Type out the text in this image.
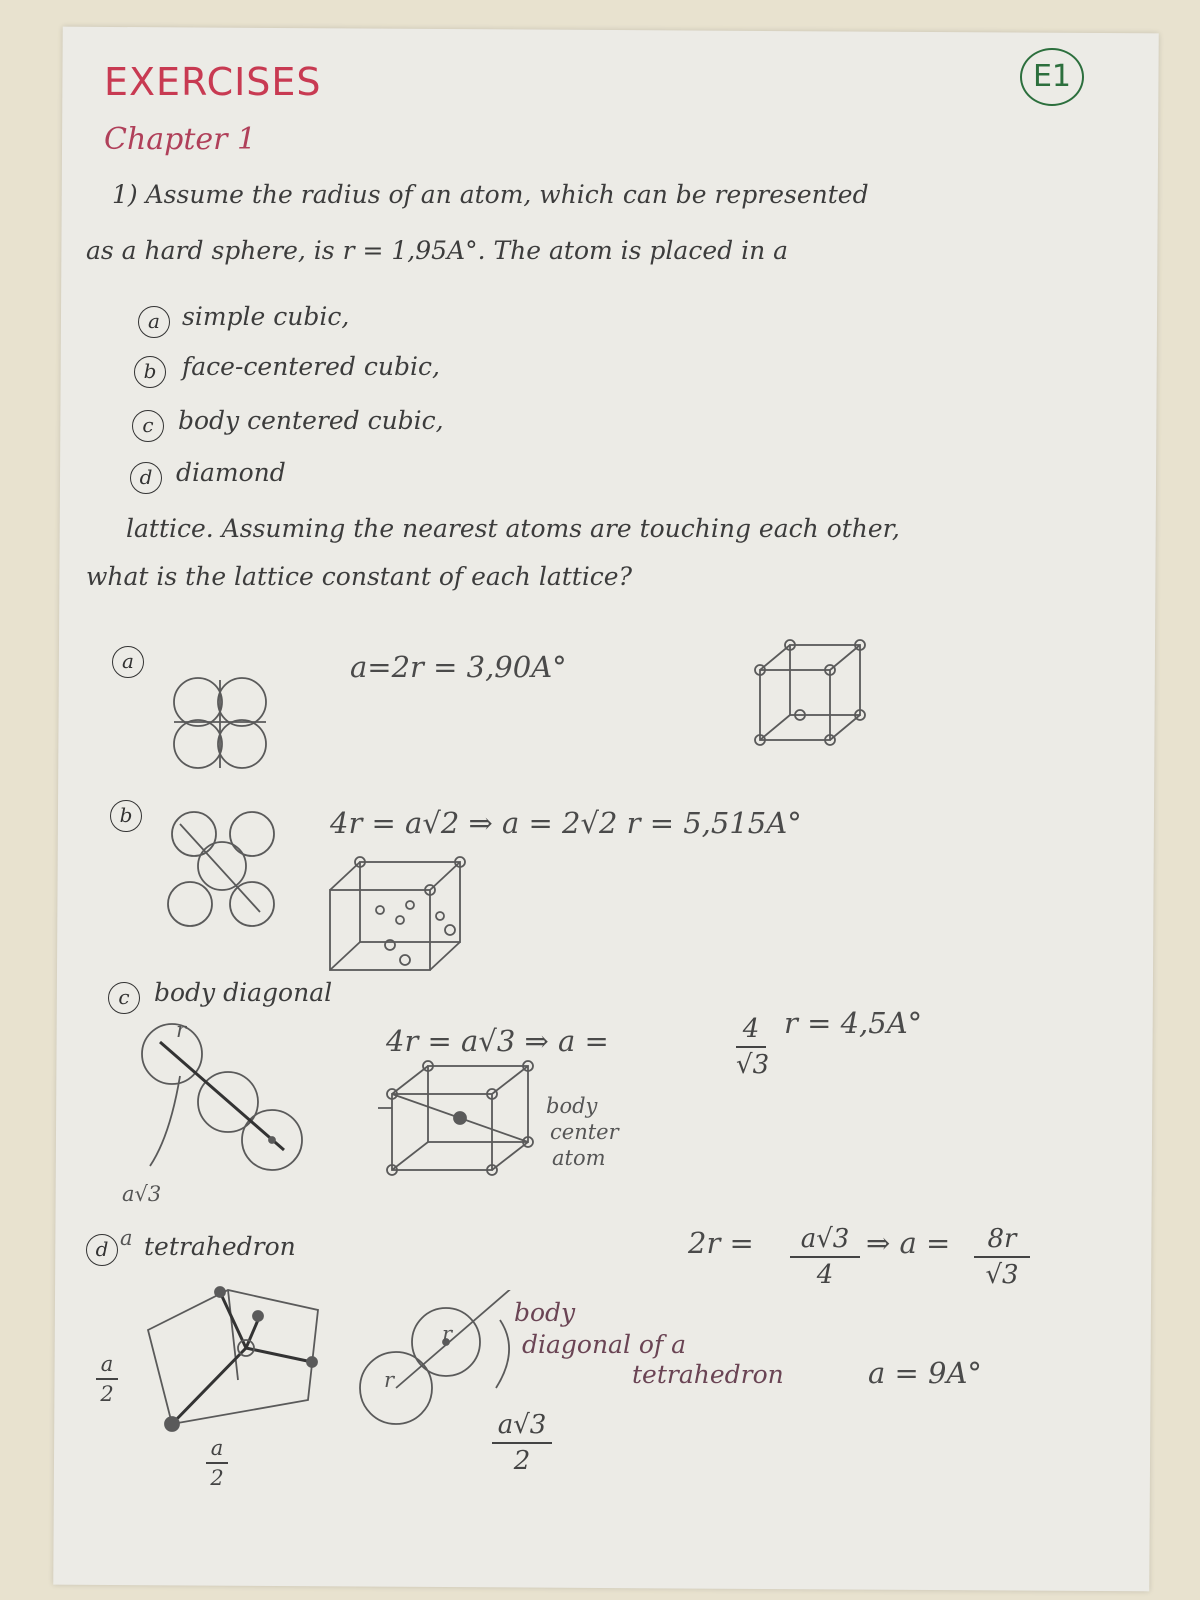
EXERCISES	E1
Chapter 1
1) Assume the radius of an atom, which can be represented
as a hard sphere, is r = 1,95A°. The atom is placed in a
a simple cubic,
b	face-centered cubic,
c body centered cubic,
d diamond
lattice. Assuming the nearest atoms are touching each other,
what is the lattice constant of each lattice?
a	a=2r = 3,90A°
b	4r = a√2 ⇒ a = 2√2 r = 5,515A°
c body diagonal
4r = a√3 ⇒ a =	4
√3
r = 4,5A°
r
a√3
body
center
atom
d a tetrahedron	2r =	a√3
4
⇒ a =	8r
√3
a = 9A°
a
2
a
2
r
r
body
diagonal of a
tetrahedron
a√3
2
